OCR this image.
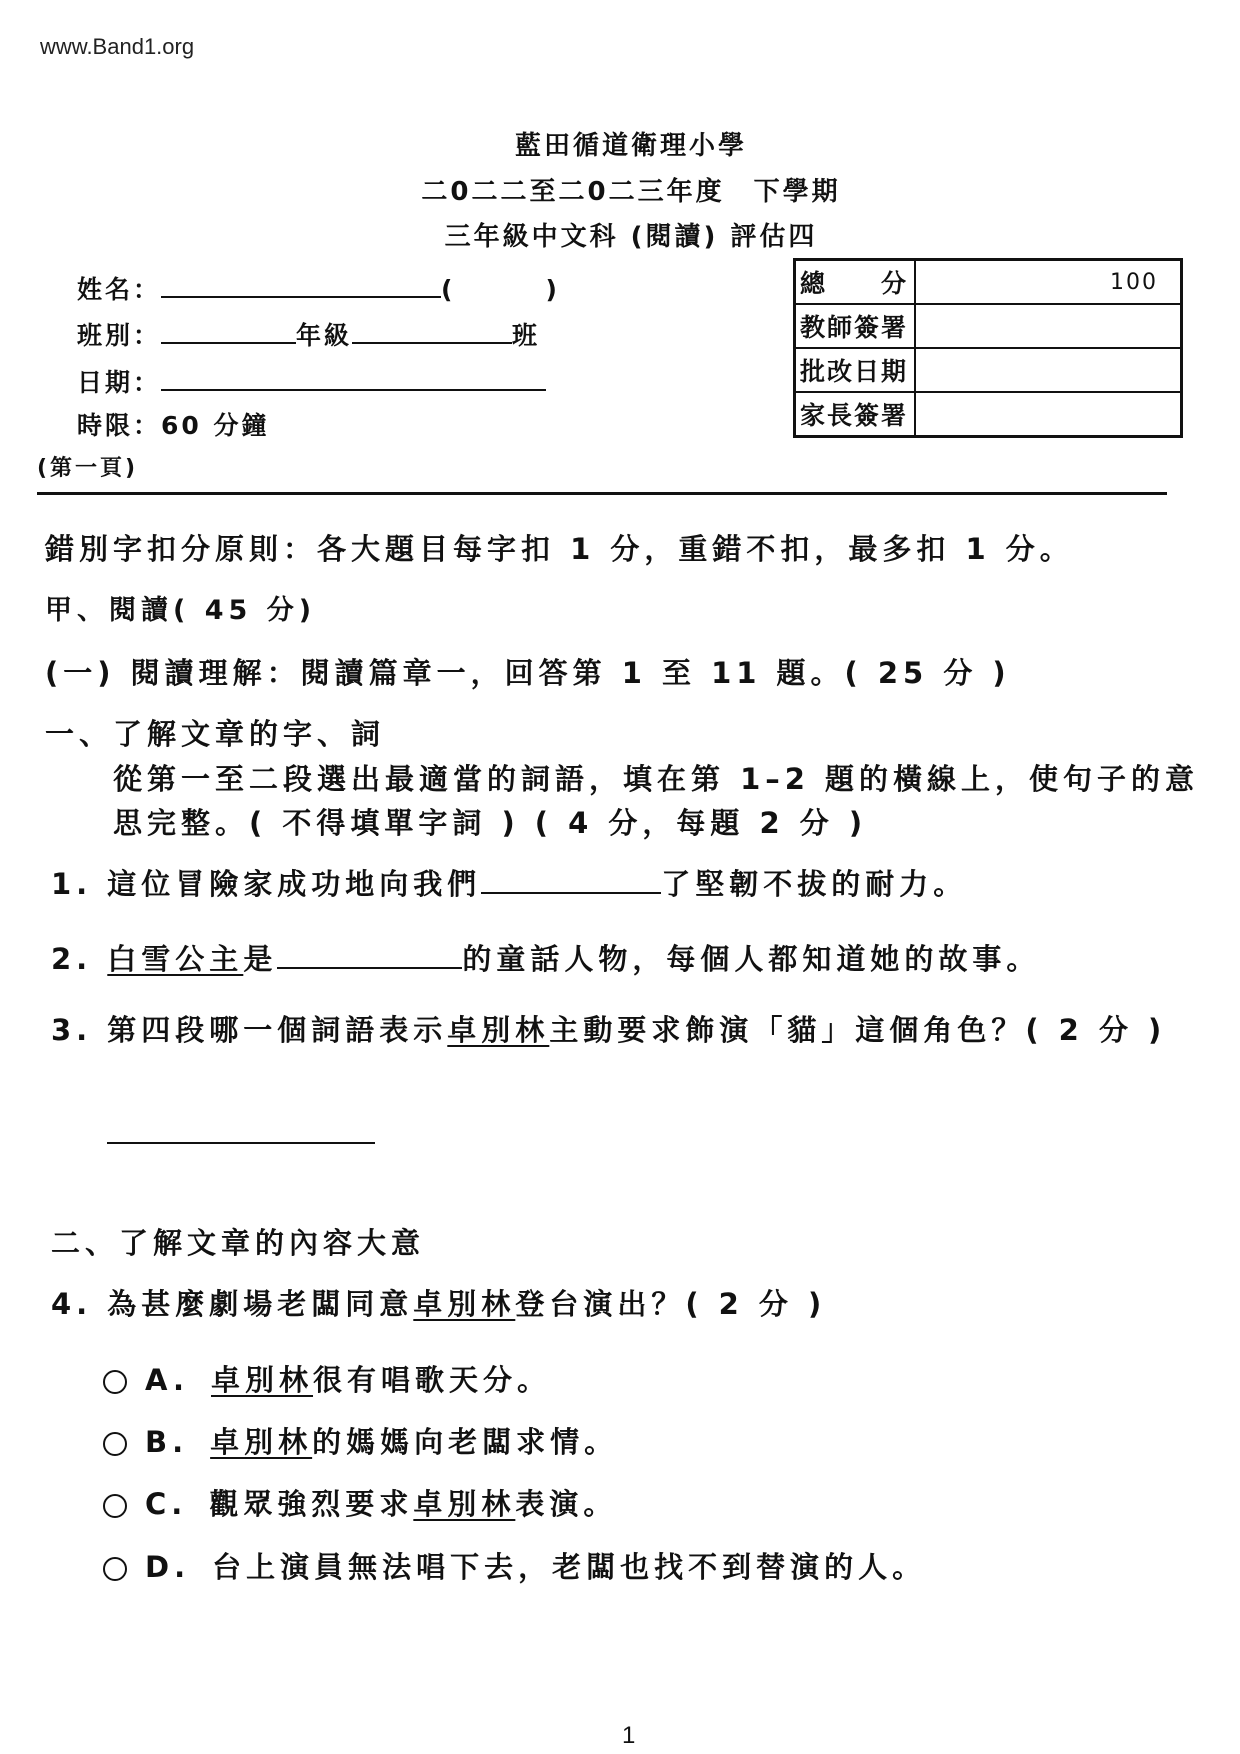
www.Band1.org
藍田循道衛理小學
二0二二至二0二三年度　下學期
三年級中文科 (閱讀) 評估四
姓名：	(	)
班別：	年級	班
日期：
時限：60 分鐘
(第一頁)
總　　分	100
教師簽署	
批改日期	
家長簽署	
錯別字扣分原則：各大題目每字扣 1 分，重錯不扣，最多扣 1 分。
甲、閱讀( 45 分)
(一) 閱讀理解：閱讀篇章一，回答第 1 至 11 題。( 25 分 )
一、了解文章的字、詞
從第一至二段選出最適當的詞語，填在第 1–2 題的橫線上，使句子的意
思完整。( 不得填單字詞 ) ( 4 分，每題 2 分 )
1. 這位冒險家成功地向我們	了堅韌不拔的耐力。
2. 白雪公主是	的童話人物，每個人都知道她的故事。
3. 第四段哪一個詞語表示卓別林主動要求飾演「貓」這個角色？( 2 分 )
二、了解文章的內容大意
4. 為甚麼劇場老闆同意卓別林登台演出？( 2 分 )
A. 卓別林很有唱歌天分。
B. 卓別林的媽媽向老闆求情。
C. 觀眾強烈要求卓別林表演。
D. 台上演員無法唱下去，老闆也找不到替演的人。
1
